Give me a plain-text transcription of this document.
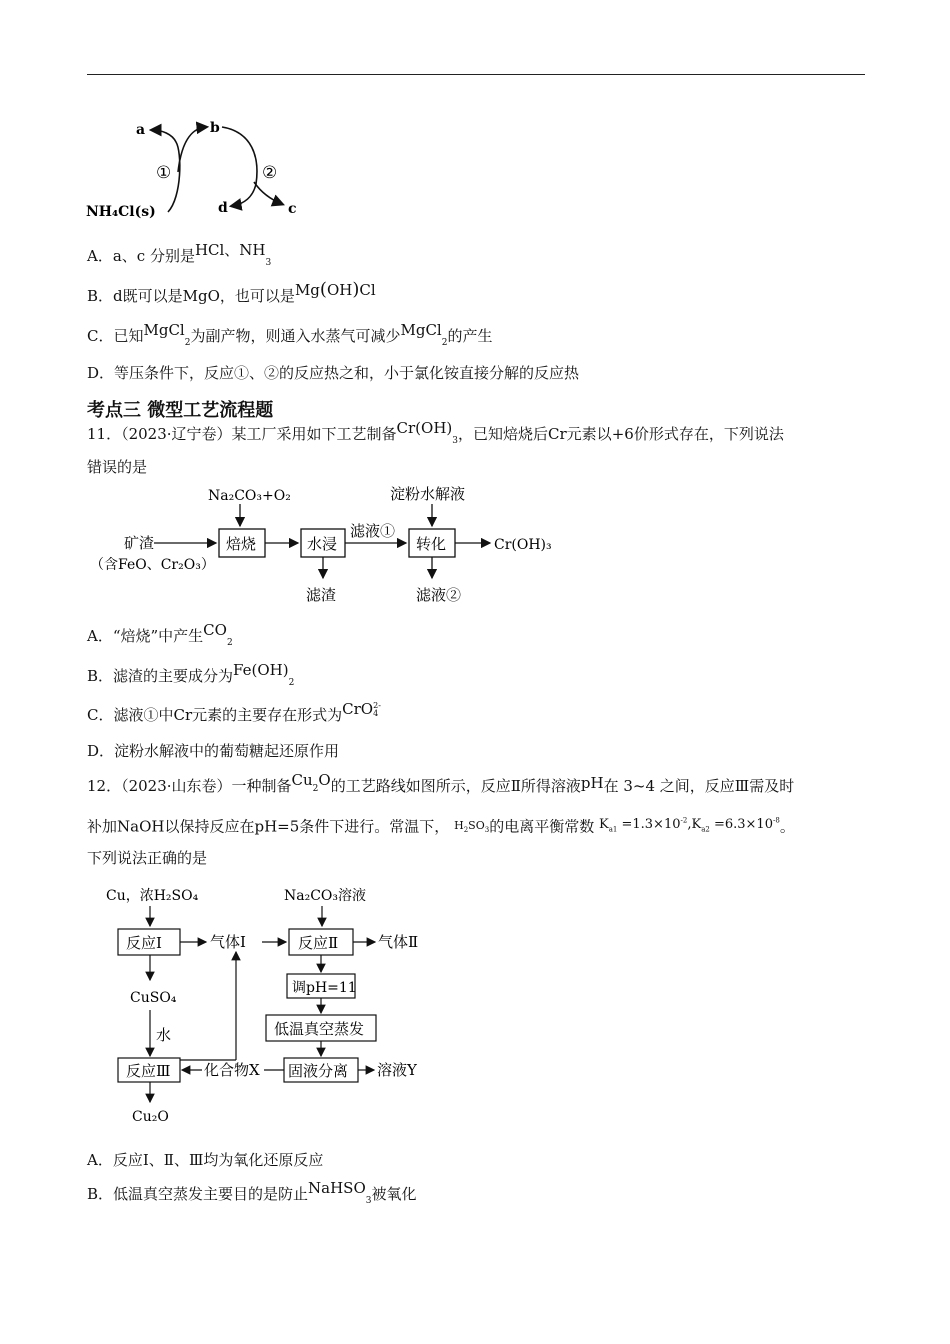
a	b
①	②
d	c
NH₄Cl(s)
A．a、c 分别是HCl、$NH_3$
B．d既可以是MgO，也可以是Mg(OH)Cl
C．已知MgCl$_2$为副产物，则通入水蒸气可减少MgCl$_2$的产生
D．等压条件下，反应①、②的反应热之和，小于氯化铵直接分解的反应热
考点三 微型工艺流程题
11．（2023·辽宁卷）某工厂采用如下工艺制备$Cr(OH)_3$，已知焙烧后Cr元素以+6价形式存在，下列说法
错误的是
Na₂CO₃+O₂	淀粉水解液
矿渣
（含FeO、Cr₂O₃）
焙烧	水浸
滤液①
转化	Cr(OH)₃
滤渣	滤液②
A．“焙烧”中产生$CO_2$
B．滤渣的主要成分为$Fe(OH)_2$
C．滤液①中Cr元素的主要存在形式为CrO 2-
4
D．淀粉水解液中的葡萄糖起还原作用
12．（2023·山东卷）一种制备$Cu_2O$的工艺路线如图所示，反应Ⅱ所得溶液pH在 3~4 之间，反应Ⅲ需及时
补加NaOH以保持反应在pH=5条件下进行。常温下， $H_2SO_3$的电离平衡常数 $K_{a1} =1.3\times 10^{-2},K_{a2} =6.3\times 10^{-8}$。
下列说法正确的是
Cu，浓H₂SO₄	Na₂CO₃溶液
反应Ⅰ	气体Ⅰ	反应Ⅱ	气体Ⅱ
调pH=11
低温真空蒸发
固液分离 溶液Y
化合物X
CuSO₄
水
反应Ⅲ
Cu₂O
A．反应Ⅰ、Ⅱ、Ⅲ均为氧化还原反应
B．低温真空蒸发主要目的是防止NaHSO$_3$被氧化
